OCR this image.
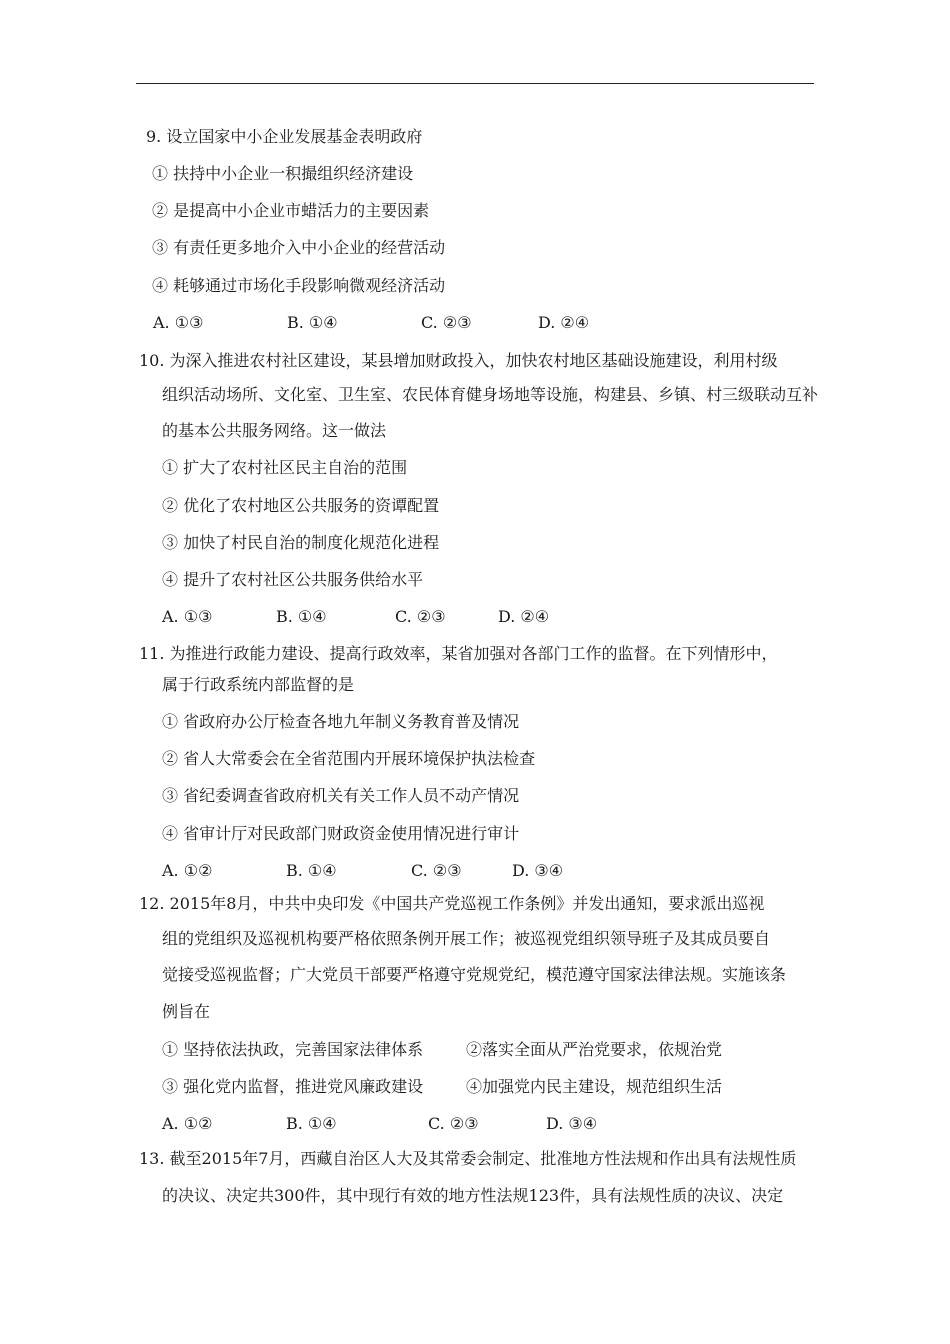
9. 设立国家中小企业发展基金表明政府
① 扶持中小企业一积撮组织经济建设
② 是提高中小企业市蜡活力的主要因素
③ 有责任更多地介入中小企业的经营活动
④ 耗够通过市场化手段影响微观经济活动
A. ①③	B. ①④	C. ②③	D. ②④
10. 为深入推进农村社区建设，某县增加财政投入，加快农村地区基础设施建设，利用村级
组织活动场所、文化室、卫生室、农民体育健身场地等设施，构建县、乡镇、村三级联动互补
的基本公共服务网络。这一做法
① 扩大了农村社区民主自治的范围
② 优化了农村地区公共服务的资谭配置
③ 加快了村民自治的制度化规范化进程
④ 提升了农村社区公共服务供给水平
A. ①③	B. ①④	C. ②③	D. ②④
11. 为推进行政能力建设、提高行政效率，某省加强对各部门工作的监督。在下列情形中，
属于行政系统内部监督的是
① 省政府办公厅检查各地九年制义务教育普及情况
② 省人大常委会在全省范围内开展环境保护执法检查
③ 省纪委调查省政府机关有关工作人员不动产情况
④ 省审计厅对民政部门财政资金使用情况进行审计
A. ①②	B. ①④	C. ②③	D. ③④
12. 2015年8月，中共中央印发《中国共产党巡视工作条例》并发出通知，要求派出巡视
组的党组织及巡视机构要严格依照条例开展工作；被巡视党组织领导班子及其成员要自
觉接受巡视监督；广大党员干部要严格遵守党规党纪，模范遵守国家法律法规。实施该条
例旨在
① 坚持依法执政，完善国家法律体系	②落实全面从严治党要求，依规治党
③ 强化党内监督，推进党风廉政建设	④加强党内民主建设，规范组织生活
A. ①②	B. ①④	C. ②③	D. ③④
13. 截至2015年7月，西藏自治区人大及其常委会制定、批准地方性法规和作出具有法规性质
的决议、决定共300件，其中现行有效的地方性法规123件，具有法规性质的决议、决定
